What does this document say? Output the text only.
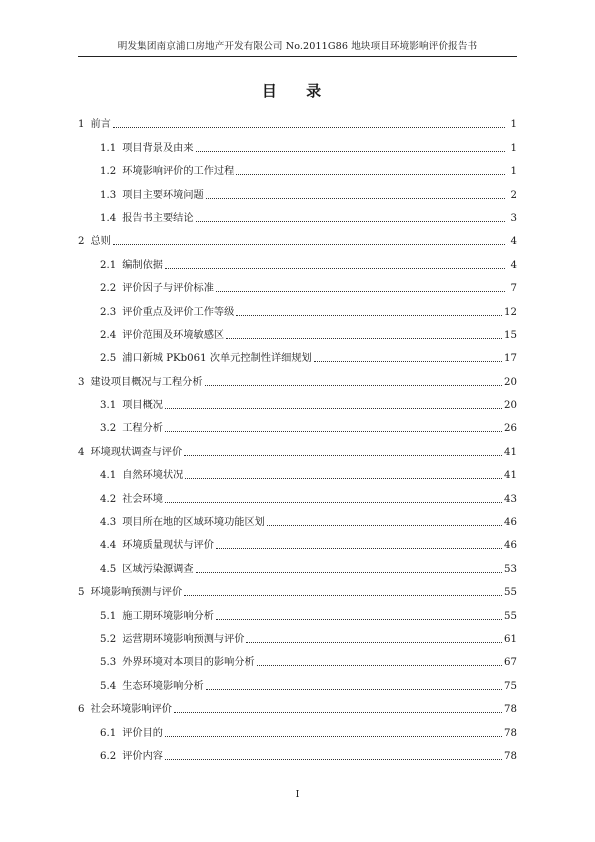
明发集团南京浦口房地产开发有限公司 No.2011G86 地块项目环境影响评价报告书
目 录
1 前言	1
1.1 项目背景及由来	1
1.2 环境影响评价的工作过程	1
1.3 项目主要环境问题	2
1.4 报告书主要结论	3
2 总则	4
2.1 编制依据	4
2.2 评价因子与评价标准	7
2.3 评价重点及评价工作等级	12
2.4 评价范围及环境敏感区	15
2.5 浦口新城 PKb061 次单元控制性详细规划	17
3 建设项目概况与工程分析	20
3.1 项目概况	20
3.2 工程分析	26
4 环境现状调查与评价	41
4.1 自然环境状况	41
4.2 社会环境	43
4.3 项目所在地的区域环境功能区划	46
4.4 环境质量现状与评价	46
4.5 区域污染源调查	53
5 环境影响预测与评价	55
5.1 施工期环境影响分析	55
5.2 运营期环境影响预测与评价	61
5.3 外界环境对本项目的影响分析	67
5.4 生态环境影响分析	75
6 社会环境影响评价	78
6.1 评价目的	78
6.2 评价内容	78
I
